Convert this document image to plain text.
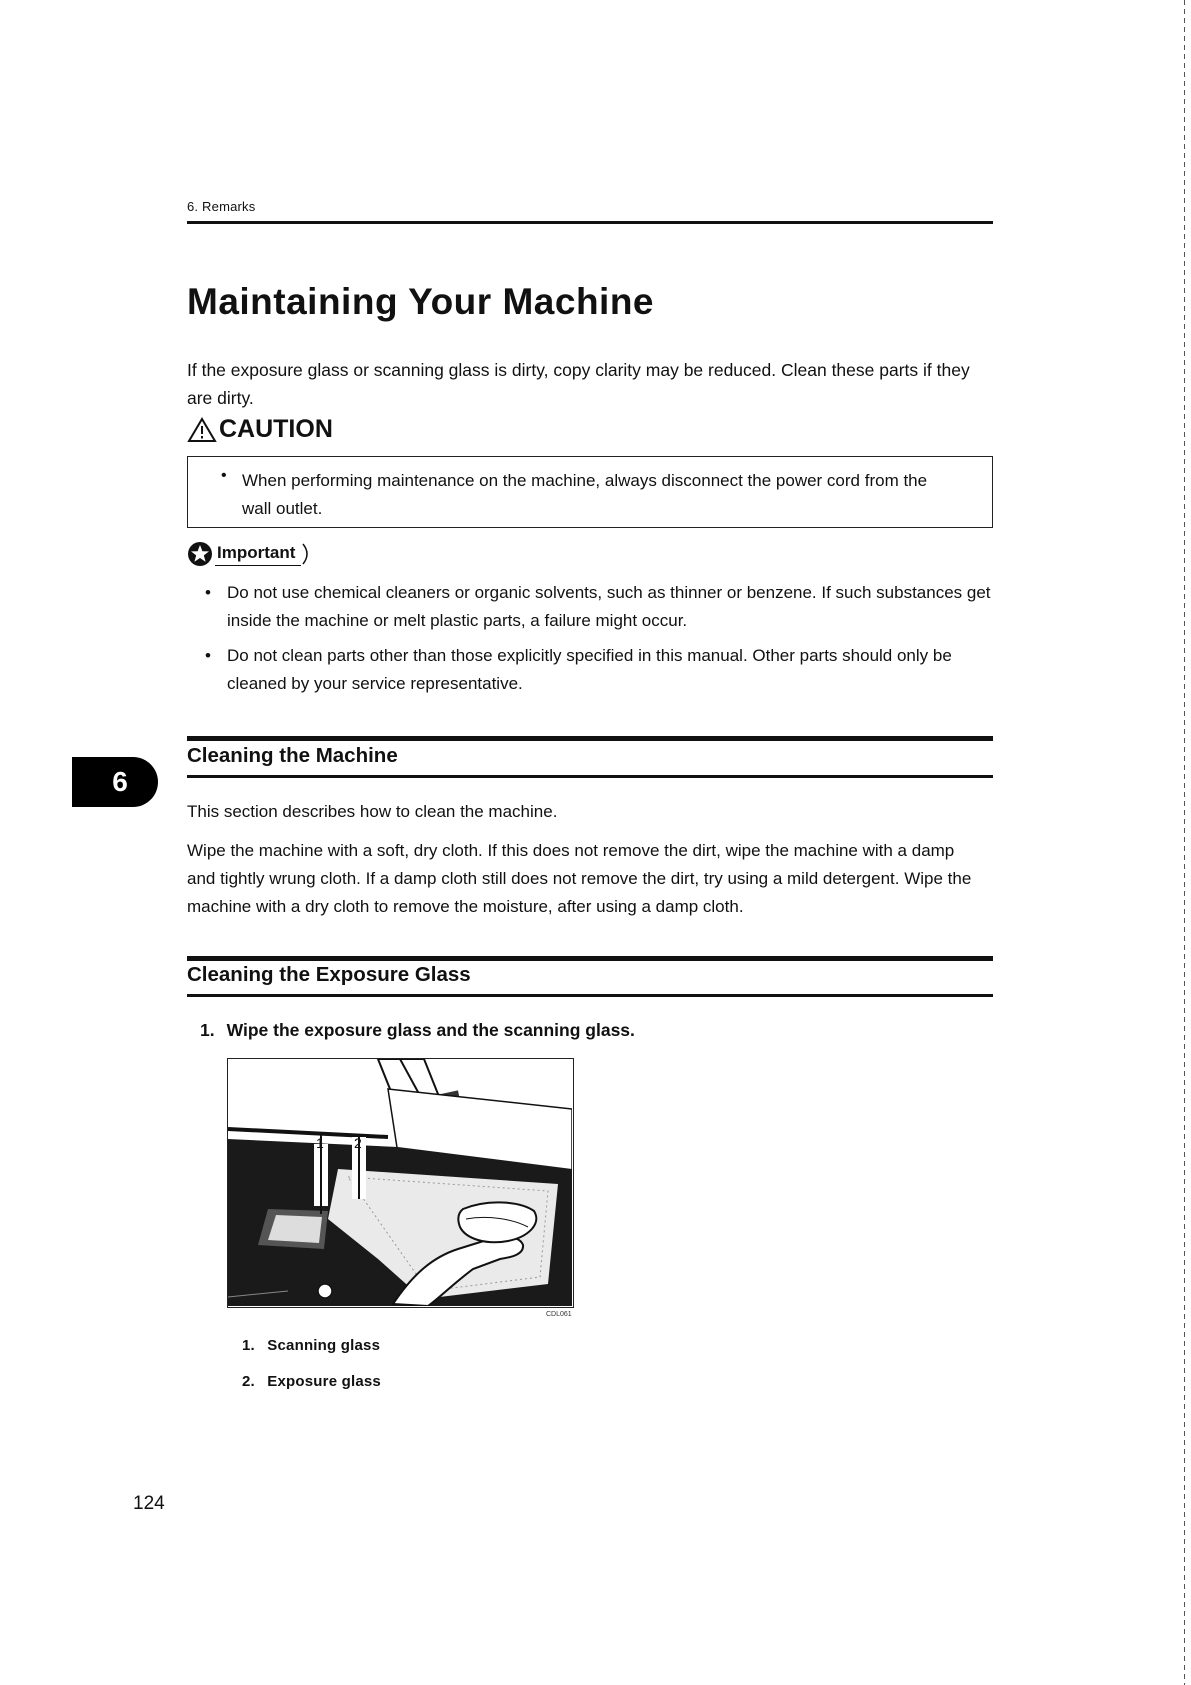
6. Remarks
Maintaining Your Machine

If the exposure glass or scanning glass is dirty, copy clarity may be reduced. Clean these parts if they are dirty.

CAUTION
• When performing maintenance on the machine, always disconnect the power cord from the wall outlet.

Important
• Do not use chemical cleaners or organic solvents, such as thinner or benzene. If such substances get inside the machine or melt plastic parts, a failure might occur.
• Do not clean parts other than those explicitly specified in this manual. Other parts should only be cleaned by your service representative.
6
Cleaning the Machine

This section describes how to clean the machine.

Wipe the machine with a soft, dry cloth. If this does not remove the dirt, wipe the machine with a damp and tightly wrung cloth. If a damp cloth still does not remove the dirt, try using a mild detergent. Wipe the machine with a dry cloth to remove the moisture, after using a damp cloth.

Cleaning the Exposure Glass
1. Wipe the exposure glass and the scanning glass.
1 2
CDL061

1. Scanning glass

2. Exposure glass

124
